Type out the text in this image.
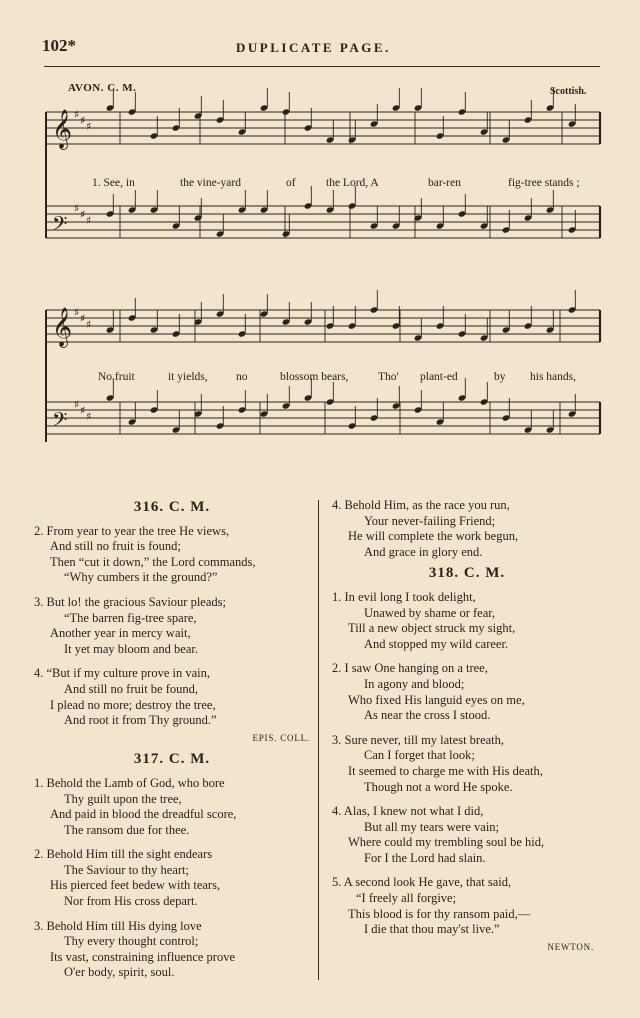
102*	DUPLICATE PAGE.
AVON. C. M.	Scottish.
𝄞 ♯ ♯ ♯
𝄢
♯ ♯ ♯
𝄞 ♯ ♯ ♯
𝄢
♯ ♯ ♯
1. See, in	the vine-yard	of	the Lord, A	bar-ren	fig-tree stands ;
No fruit	it yields, no	blossom bears,	Tho' plant-ed	by his hands,
316. C. M.
2. From year to year the tree He views,
And still no fruit is found;
Then “cut it down,” the Lord commands,
“Why cumbers it the ground?”
3. But lo! the gracious Saviour pleads;
“The barren fig-tree spare,
Another year in mercy wait,
It yet may bloom and bear.
4. “But if my culture prove in vain,
And still no fruit be found,
I plead no more; destroy the tree,
And root it from Thy ground.”
EPIS. COLL.
317. C. M.
1. Behold the Lamb of God, who bore
Thy guilt upon the tree,
And paid in blood the dreadful score,
The ransom due for thee.
2. Behold Him till the sight endears
The Saviour to thy heart;
His pierced feet bedew with tears,
Nor from His cross depart.
3. Behold Him till His dying love
Thy every thought control;
Its vast, constraining influence prove
O'er body, spirit, soul.
4. Behold Him, as the race you run,
Your never-failing Friend;
He will complete the work begun,
And grace in glory end.
318. C. M.
1. In evil long I took delight,
Unawed by shame or fear,
Till a new object struck my sight,
And stopped my wild career.
2. I saw One hanging on a tree,
In agony and blood;
Who fixed His languid eyes on me,
As near the cross I stood.
3. Sure never, till my latest breath,
Can I forget that look;
It seemed to charge me with His death,
Though not a word He spoke.
4. Alas, I knew not what I did,
But all my tears were vain;
Where could my trembling soul be hid,
For I the Lord had slain.
5. A second look He gave, that said,
“I freely all forgive;
This blood is for thy ransom paid,—
I die that thou may'st live.”
NEWTON.
